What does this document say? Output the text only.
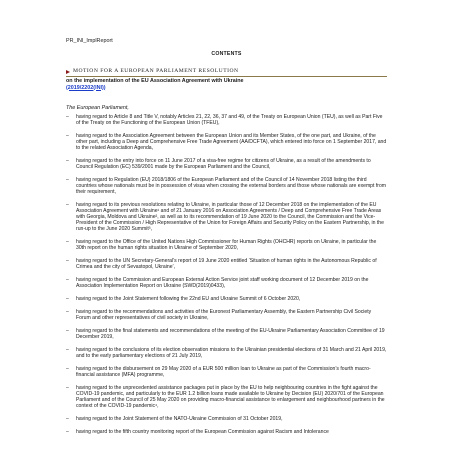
PR_INI_ImplReport
CONTENTS
MOTION FOR A EUROPEAN PARLIAMENT RESOLUTION
on the implementation of the EU Association Agreement with Ukraine
(2019/2202(INI))
The European Parliament,
–	having regard to Article 8 and Title V, notably Articles 21, 22, 36, 37 and 49, of the Treaty on European Union (TEU), as well as Part Five of the Treaty on the Functioning of the European Union (TFEU),
–	having regard to the Association Agreement between the European Union and its Member States, of the one part, and Ukraine, of the other part, including a Deep and Comprehensive Free Trade Agreement (AA/DCFTA), which entered into force on 1 September 2017, and to the related Association Agenda,
–	having regard to the entry into force on 11 June 2017 of a visa-free regime for citizens of Ukraine, as a result of the amendments to Council Regulation (EC) 539/2001 made by the European Parliament and the Council,
–	having regard to Regulation (EU) 2018/1806 of the European Parliament and of the Council of 14 November 2018 listing the third countries whose nationals must be in possession of visas when crossing the external borders and those whose nationals are exempt from their requirement,
–	having regard to its previous resolutions relating to Ukraine, in particular those of 12 December 2018 on the implementation of the EU Association Agreement with Ukraine¹ and of 21 January 2016 on Association Agreements / Deep and Comprehensive Free Trade Areas with Georgia, Moldova and Ukraine², as well as to its recommendation of 19 June 2020 to the Council, the Commission and the Vice-President of the Commission / High Representative of the Union for Foreign Affairs and Security Policy on the Eastern Partnership, in the run-up to the June 2020 Summit³,
–	having regard to the Office of the United Nations High Commissioner for Human Rights (OHCHR) reports on Ukraine, in particular the 30th report on the human rights situation in Ukraine of September 2020,
–	having regard to the UN Secretary-General’s report of 19 June 2020 entitled ‘Situation of human rights in the Autonomous Republic of Crimea and the city of Sevastopol, Ukraine’,
–	having regard to the Commission and European External Action Service joint staff working document of 12 December 2019 on the Association Implementation Report on Ukraine (SWD(2019)0433),
–	having regard to the Joint Statement following the 22nd EU and Ukraine Summit of 6 October 2020,
–	having regard to the recommendations and activities of the Euronest Parliamentary Assembly, the Eastern Partnership Civil Society Forum and other representatives of civil society in Ukraine,
–	having regard to the final statements and recommendations of the meeting of the EU-Ukraine Parliamentary Association Committee of 19 December 2019,
–	having regard to the conclusions of its election observation missions to the Ukrainian presidential elections of 31 March and 21 April 2019, and to the early parliamentary elections of 21 July 2019,
–	having regard to the disbursement on 29 May 2020 of a EUR 500 million loan to Ukraine as part of the Commission’s fourth macro-financial assistance (MFA) programme,
–	having regard to the unprecedented assistance packages put in place by the EU to help neighbouring countries in the fight against the COVID-19 pandemic, and particularly to the EUR 1.2 billion loans made available to Ukraine by Decision (EU) 2020/701 of the European Parliament and of the Council of 25 May 2020 on providing macro-financial assistance to enlargement and neighbourhood partners in the context of the COVID-19 pandemic⁴,
–	having regard to the Joint Statement of the NATO-Ukraine Commission of 31 October 2019,
–	having regard to the fifth country monitoring report of the European Commission against Racism and Intolerance
